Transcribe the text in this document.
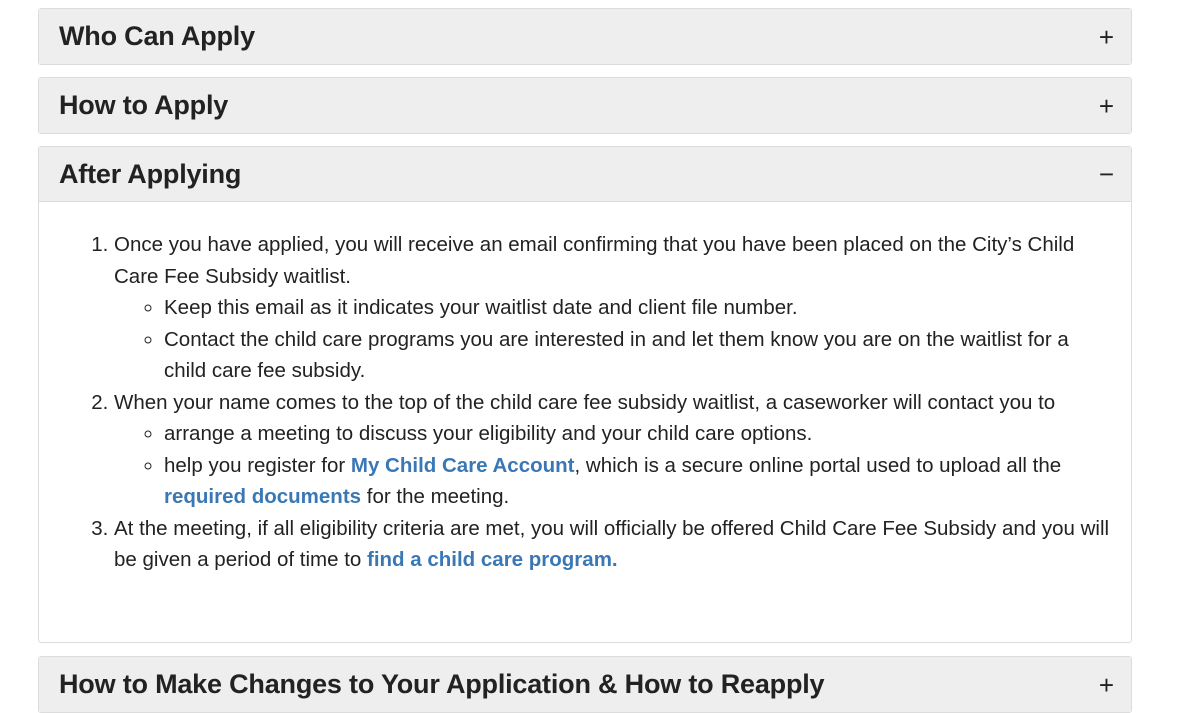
Who Can Apply	+
How to Apply	+
After Applying	−
1. Once you have applied, you will receive an email confirming that you have been placed on the City’s Child Care Fee Subsidy waitlist.
◦ Keep this email as it indicates your waitlist date and client file number.
◦ Contact the child care programs you are interested in and let them know you are on the waitlist for a child care fee subsidy.
2. When your name comes to the top of the child care fee subsidy waitlist, a caseworker will contact you to
◦ arrange a meeting to discuss your eligibility and your child care options.
◦ help you register for My Child Care Account, which is a secure online portal used to upload all the required documents for the meeting.
3. At the meeting, if all eligibility criteria are met, you will officially be offered Child Care Fee Subsidy and you will be given a period of time to find a child care program.
How to Make Changes to Your Application & How to Reapply	+
